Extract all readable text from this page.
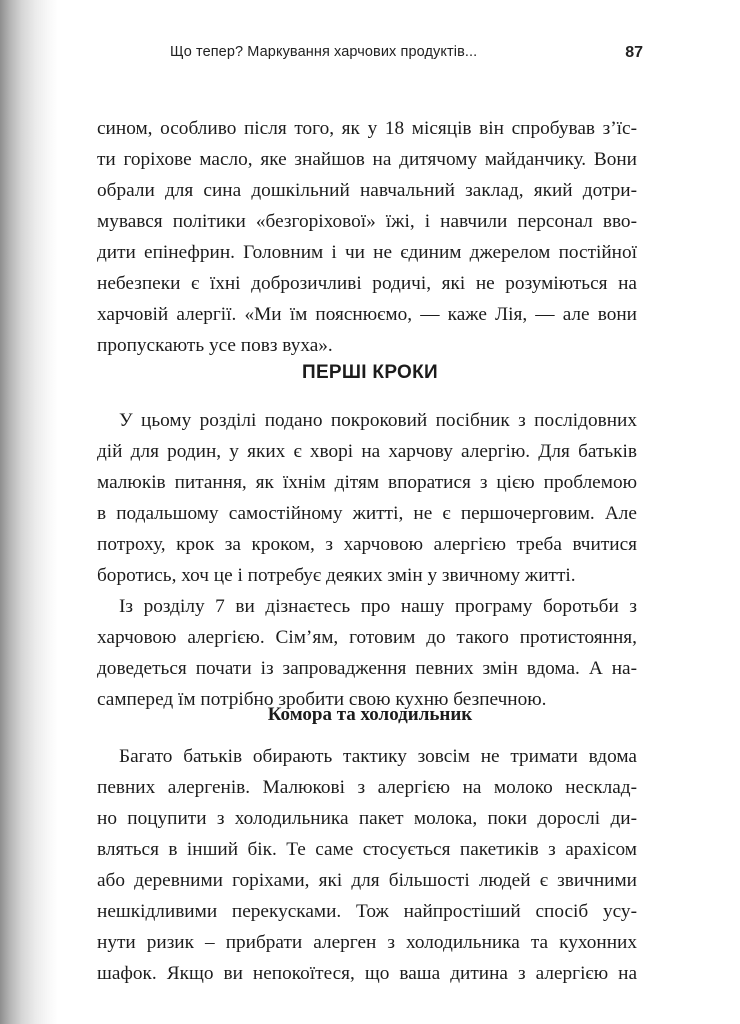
Що тепер? Маркування харчових продуктів...	87
сином, особливо після того, як у 18 місяців він спробував з’їс-
ти горіхове масло, яке знайшов на дитячому майданчику. Вони
обрали для сина дошкільний навчальний заклад, який дотри-
мувався політики «безгоріхової» їжі, і навчили персонал вво-
дити епінефрин. Головним і чи не єдиним джерелом постійної
небезпеки є їхні доброзичливі родичі, які не розуміються на
харчовій алергії. «Ми їм пояснюємо, — каже Лія, — але вони
пропускають усе повз вуха».
ПЕРШІ КРОКИ
У цьому розділі подано покроковий посібник з послідовних
дій для родин, у яких є хворі на харчову алергію. Для батьків
малюків питання, як їхнім дітям впоратися з цією проблемою
в подальшому самостійному житті, не є першочерговим. Але
потроху, крок за кроком, з харчовою алергією треба вчитися
боротись, хоч це і потребує деяких змін у звичному житті.
Із розділу 7 ви дізнаєтесь про нашу програму боротьби з
харчовою алергією. Сім’ям, готовим до такого протистояння,
доведеться почати із запровадження певних змін вдома. А на-
самперед їм потрібно зробити свою кухню безпечною.
Комора та холодильник
Багато батьків обирають тактику зовсім не тримати вдома
певних алергенів. Малюкові з алергією на молоко несклад-
но поцупити з холодильника пакет молока, поки дорослі ди-
вляться в інший бік. Те саме стосується пакетиків з арахісом
або деревними горіхами, які для більшості людей є звичними
нешкідливими перекусками. Тож найпростіший спосіб усу-
нути ризик – прибрати алерген з холодильника та кухонних
шафок. Якщо ви непокоїтеся, що ваша дитина з алергією на
